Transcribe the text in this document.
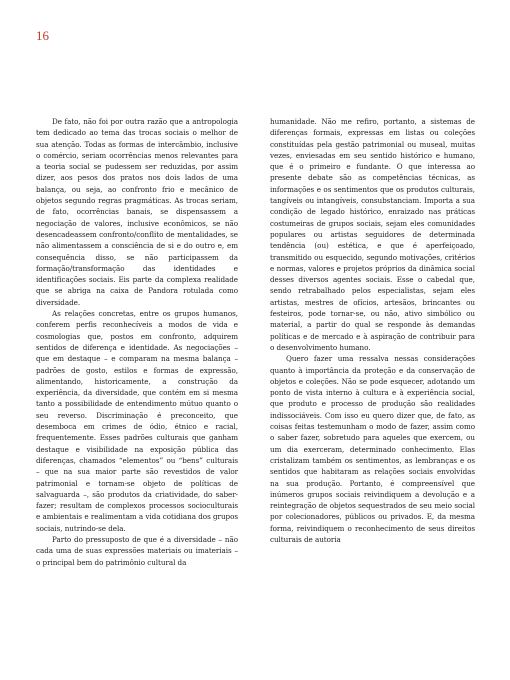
16

De fato, não foi por outra razão que a antropologia tem dedicado ao tema das trocas sociais o melhor de sua atenção. Todas as formas de intercâmbio, inclusive o comércio, seriam ocorrências menos relevantes para a teoria social se pudessem ser reduzidas, por assim dizer, aos pesos dos pratos nos dois lados de uma balança, ou seja, ao confronto frio e mecânico de objetos segundo regras pragmáticas. As trocas seriam, de fato, ocorrências banais, se dispensassem a negociação de valores, inclusive econômicos, se não desencadeassem confronto/conflito de mentalidades, se não alimentassem a consciência de si e do outro e, em consequência disso, se não participassem da formação/transformação das identidades e identificações sociais. Eis parte da complexa realidade que se abriga na caixa de Pandora rotulada como diversidade.

As relações concretas, entre os grupos humanos, conferem perfis reconhecíveis a modos de vida e cosmologias que, postos em confronto, adquirem sentidos de diferença e identidade. As negociações – que em destaque – e comparam na mesma balança – padrões de gosto, estilos e formas de expressão, alimentando, historicamente, a construção da experiência, da diversidade, que contém em si mesma tanto a possibilidade de entendimento mútuo quanto o seu reverso. Discriminação é preconceito, que desemboca em crimes de ódio, étnico e racial, frequentemente. Esses padrões culturais que ganham destaque e visibilidade na exposição pública das diferenças, chamados “elementos” ou “bens” culturais – que na sua maior parte são revestidos de valor patrimonial e tornam-se objeto de políticas de salvaguarda –, são produtos da criatividade, do saber-fazer; resultam de complexos processos socioculturais e ambientais e realimentam a vida cotidiana dos grupos sociais, nutrindo-se dela.

Parto do pressuposto de que é a diversidade – não cada uma de suas expressões materiais ou imateriais – o principal bem do patrimônio cultural da

humanidade. Não me refiro, portanto, a sistemas de diferenças formais, expressas em listas ou coleções constituídas pela gestão patrimonial ou museal, muitas vezes, enviesadas em seu sentido histórico e humano, que é o primeiro e fundante. O que interessa ao presente debate são as competências técnicas, as informações e os sentimentos que os produtos culturais, tangíveis ou intangíveis, consubstanciam. Importa a sua condição de legado histórico, enraizado nas práticas costumeiras de grupos sociais, sejam eles comunidades populares ou artistas seguidores de determinada tendência (ou) estética, e que é aperfeiçoado, transmitido ou esquecido, segundo motivações, critérios e normas, valores e projetos próprios da dinâmica social desses diversos agentes sociais. Esse o cabedal que, sendo retrabalhado pelos especialistas, sejam eles artistas, mestres de ofícios, artesãos, brincantes ou festeiros, pode tornar-se, ou não, ativo simbólico ou material, a partir do qual se responde às demandas políticas e de mercado e à aspiração de contribuir para o desenvolvimento humano.

Quero fazer uma ressalva nessas considerações quanto à importância da proteção e da conservação de objetos e coleções. Não se pode esquecer, adotando um ponto de vista interno à cultura e à experiência social, que produto e processo de produção são realidades indissociáveis. Com isso eu quero dizer que, de fato, as coisas feitas testemunham o modo de fazer, assim como o saber fazer, sobretudo para aqueles que exercem, ou um dia exerceram, determinado conhecimento. Elas cristalizam também os sentimentos, as lembranças e os sentidos que habitaram as relações sociais envolvidas na sua produção. Portanto, é compreensível que inúmeros grupos sociais reivindiquem a devolução e a reintegração de objetos sequestrados de seu meio social por colecionadores, públicos ou privados. E, da mesma forma, reivindiquem o reconhecimento de seus direitos culturais de autoria
